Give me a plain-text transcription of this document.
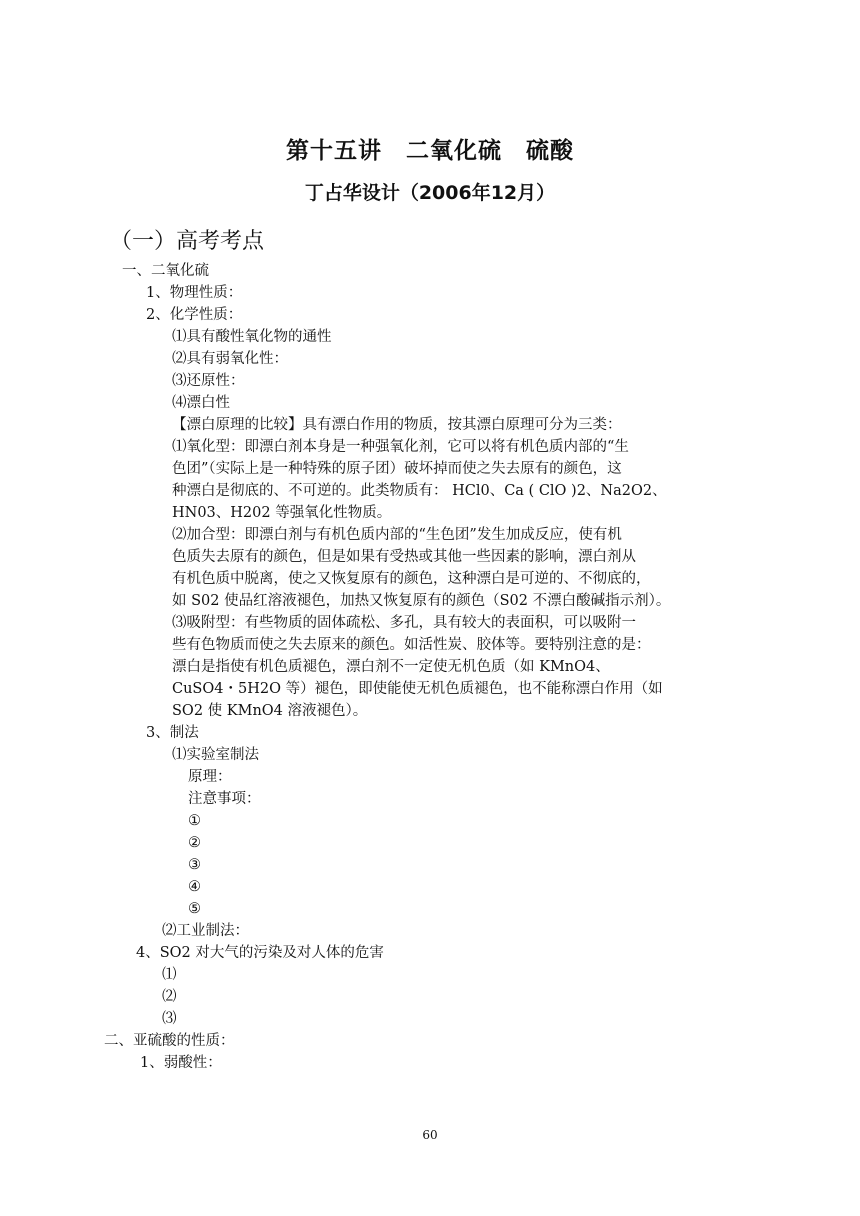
第十五讲　二氧化硫　硫酸
丁占华设计（2006年12月）
（一）高考考点
一、二氧化硫
1、物理性质：
2、化学性质：
⑴具有酸性氧化物的通性
⑵具有弱氧化性：
⑶还原性：
⑷漂白性
【漂白原理的比较】具有漂白作用的物质，按其漂白原理可分为三类：
⑴氧化型：即漂白剂本身是一种强氧化剂，它可以将有机色质内部的“生
色团”（实际上是一种特殊的原子团）破坏掉而使之失去原有的颜色，这
种漂白是彻底的、不可逆的。此类物质有： HCl0、Ca ( ClO )2、Na2O2、
HN03、H202 等强氧化性物质。
⑵加合型：即漂白剂与有机色质内部的“生色团”发生加成反应，使有机
色质失去原有的颜色，但是如果有受热或其他一些因素的影响，漂白剂从
有机色质中脱离，使之又恢复原有的颜色，这种漂白是可逆的、不彻底的，
如 S02 使品红溶液褪色，加热又恢复原有的颜色（S02 不漂白酸碱指示剂）。
⑶吸附型：有些物质的固体疏松、多孔，具有较大的表面积，可以吸附一
些有色物质而使之失去原来的颜色。如活性炭、胶体等。要特别注意的是：
漂白是指使有机色质褪色，漂白剂不一定使无机色质（如 KMnO4、
CuSO4・5H2O 等）褪色，即使能使无机色质褪色，也不能称漂白作用（如
SO2 使 KMnO4 溶液褪色）。
3、制法
⑴实验室制法
原理：
注意事项：
①
②
③
④
⑤
⑵工业制法：
4、SO2 对大气的污染及对人体的危害
⑴
⑵
⑶
二、亚硫酸的性质：
1、弱酸性：
60
